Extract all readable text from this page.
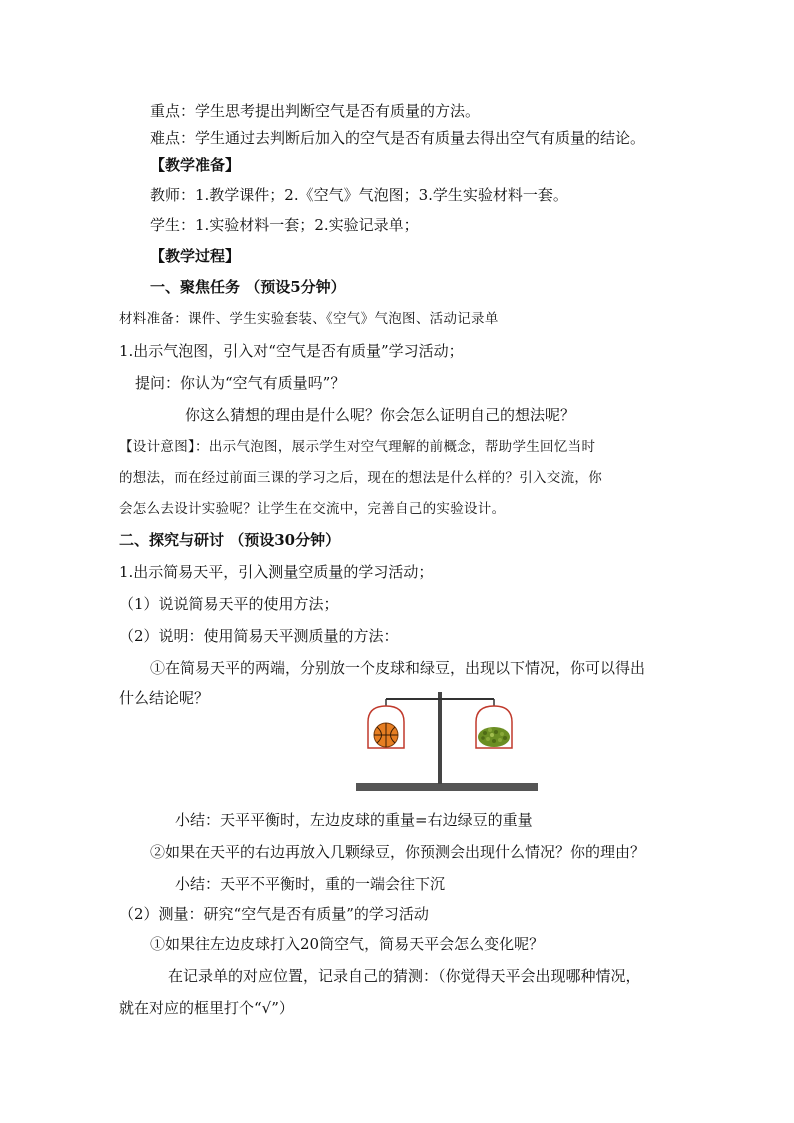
重点：学生思考提出判断空气是否有质量的方法。
难点：学生通过去判断后加入的空气是否有质量去得出空气有质量的结论。
【教学准备】
教师：1.教学课件；2.《空气》气泡图；3.学生实验材料一套。
学生：1.实验材料一套；2.实验记录单；
【教学过程】
一、聚焦任务 （预设5分钟）
材料准备：课件、学生实验套装、《空气》气泡图、活动记录单
1.出示气泡图，引入对“空气是否有质量”学习活动；
提问：你认为“空气有质量吗”？
你这么猜想的理由是什么呢？你会怎么证明自己的想法呢？
【设计意图】：出示气泡图，展示学生对空气理解的前概念，帮助学生回忆当时
的想法，而在经过前面三课的学习之后，现在的想法是什么样的？引入交流，你
会怎么去设计实验呢？让学生在交流中，完善自己的实验设计。
二、探究与研讨 （预设30分钟）
1.出示简易天平，引入测量空质量的学习活动；
（1）说说简易天平的使用方法；
（2）说明：使用简易天平测质量的方法：
①在简易天平的两端，分别放一个皮球和绿豆，出现以下情况，你可以得出
什么结论呢？
小结：天平平衡时，左边皮球的重量=右边绿豆的重量
②如果在天平的右边再放入几颗绿豆，你预测会出现什么情况？你的理由？
小结：天平不平衡时，重的一端会往下沉
（2）测量：研究“空气是否有质量”的学习活动
①如果往左边皮球打入20筒空气，简易天平会怎么变化呢？
在记录单的对应位置，记录自己的猜测：（你觉得天平会出现哪种情况，
就在对应的框里打个“√”）
